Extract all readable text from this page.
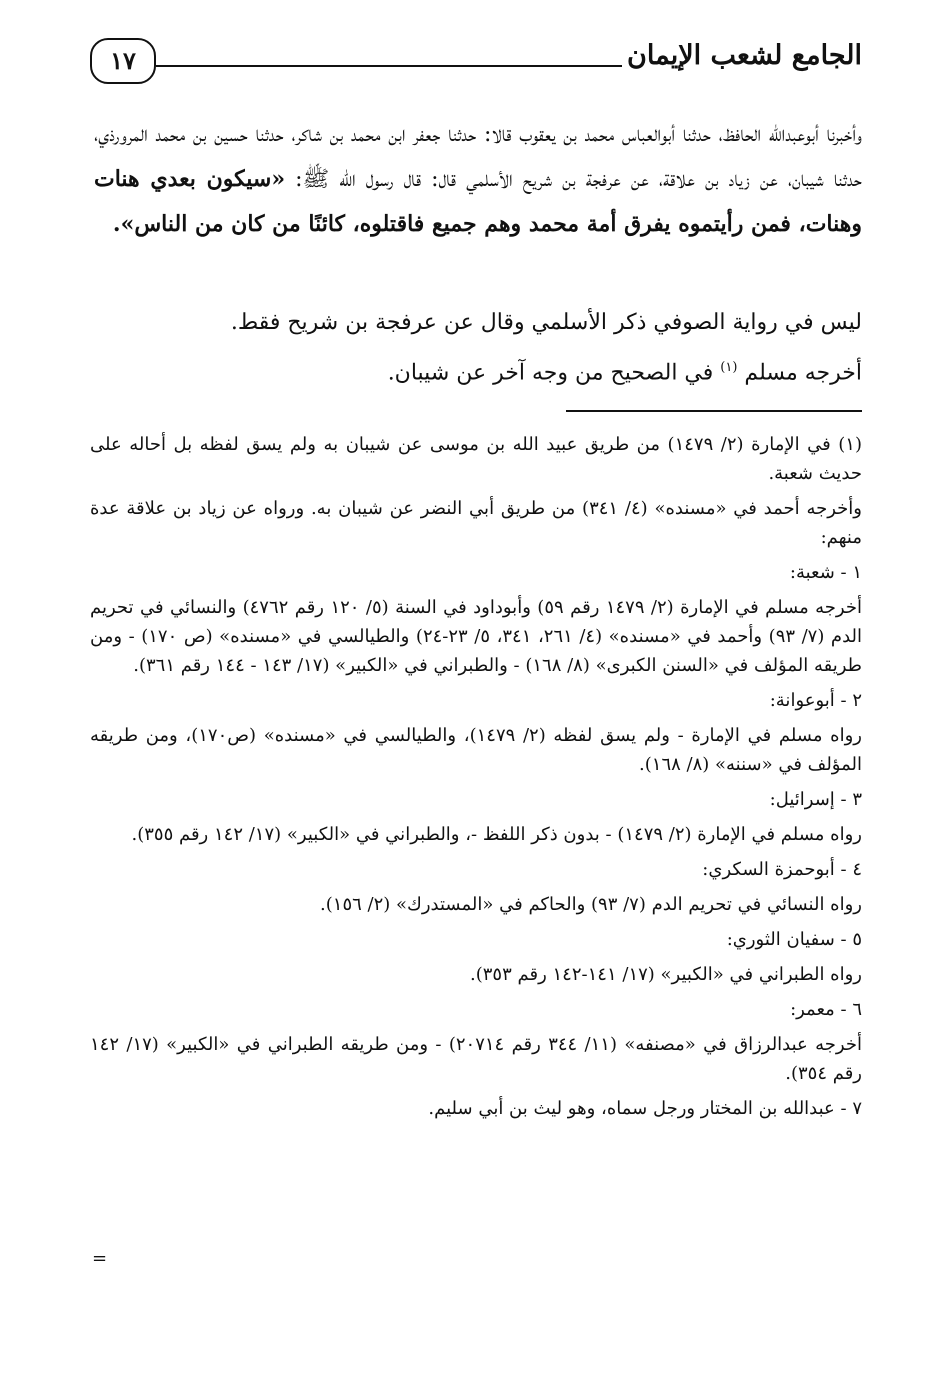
الجامع لشعب الإيمان
١٧

وأخبرنا أبوعبدالله الحافظ، حدثنا أبوالعباس محمد بن يعقوب قالا: حدثنا جعفر ابن محمد بن شاكر، حدثنا حسين بن محمد المرورذي، حدثنا شيبان، عن زياد بن علاقة، عن عرفجة بن شريح الأسلمي قال: قال رسول الله ﷺ: «سيكون بعدي هنات وهنات، فمن رأيتموه يفرق أمة محمد وهم جميع فاقتلوه، كائنًا من كان من الناس».

ليس في رواية الصوفي ذكر الأسلمي وقال عن عرفجة بن شريح فقط.

أخرجه مسلم $^{(١)}$ في الصحيح من وجه آخر عن شيبان.

(١) في الإمارة (٢/ ١٤٧٩) من طريق عبيد الله بن موسى عن شيبان به ولم يسق لفظه بل أحاله على حديث شعبة.

وأخرجه أحمد في «مسنده» (٤/ ٣٤١) من طريق أبي النضر عن شيبان به. ورواه عن زياد بن علاقة عدة منهم:

١ - شعبة:

أخرجه مسلم في الإمارة (٢/ ١٤٧٩ رقم ٥٩) وأبوداود في السنة (٥/ ١٢٠ رقم ٤٧٦٢) والنسائي في تحريم الدم (٧/ ٩٣) وأحمد في «مسنده» (٤/ ٢٦١، ٣٤١، ٥/ ٢٣-٢٤) والطيالسي في «مسنده» (ص ١٧٠) - ومن طريقه المؤلف في «السنن الكبرى» (٨/ ١٦٨) - والطبراني في «الكبير» (١٧/ ١٤٣ - ١٤٤ رقم ٣٦١).

٢ - أبوعوانة:

رواه مسلم في الإمارة - ولم يسق لفظه (٢/ ١٤٧٩)، والطيالسي في «مسنده» (ص١٧٠)، ومن طريقه المؤلف في «سننه» (٨/ ١٦٨).

٣ - إسرائيل:

رواه مسلم في الإمارة (٢/ ١٤٧٩) - بدون ذكر اللفظ -، والطبراني في «الكبير» (١٧/ ١٤٢ رقم ٣٥٥).

٤ - أبوحمزة السكري:

رواه النسائي في تحريم الدم (٧/ ٩٣) والحاكم في «المستدرك» (٢/ ١٥٦).

٥ - سفيان الثوري:

رواه الطبراني في «الكبير» (١٧/ ١٤١-١٤٢ رقم ٣٥٣).

٦ - معمر:

أخرجه عبدالرزاق في «مصنفه» (١١/ ٣٤٤ رقم ٢٠٧١٤) - ومن طريقه الطبراني في «الكبير» (١٧/ ١٤٢ رقم ٣٥٤).

٧ - عبدالله بن المختار ورجل سماه، وهو ليث بن أبي سليم.

=
